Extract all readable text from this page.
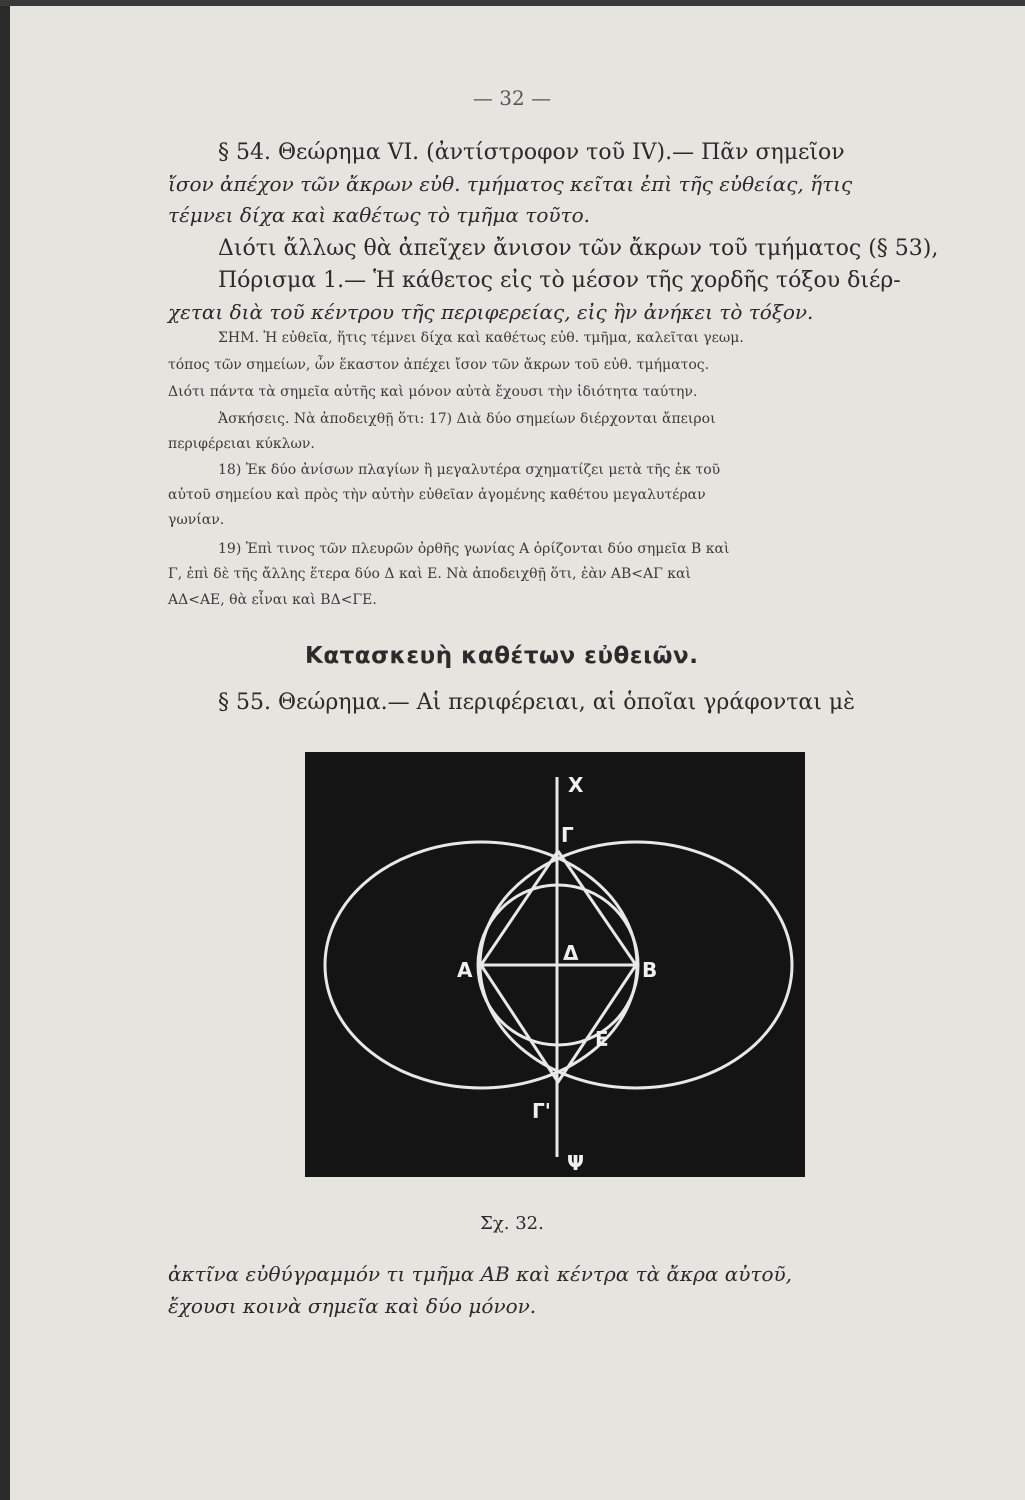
— 32 —
§ 54. Θεώρημα VI. (ἀντίστροφον τοῦ IV).— Πᾶν σημεῖον
ἴσον ἀπέχον τῶν ἄκρων εὐθ. τμήματος κεῖται ἐπὶ τῆς εὐθείας, ἥτις
τέμνει δίχα καὶ καθέτως τὸ τμῆμα τοῦτο.
Διότι ἄλλως θὰ ἀπεῖχεν ἄνισον τῶν ἄκρων τοῦ τμήματος (§ 53),
Πόρισμα 1.— Ἡ κάθετος εἰς τὸ μέσον τῆς χορδῆς τόξου διέρ-
χεται διὰ τοῦ κέντρου τῆς περιφερείας, εἰς ἣν ἀνήκει τὸ τόξον.
ΣΗΜ. Ἡ εὐθεῖα, ἥτις τέμνει δίχα καὶ καθέτως εὐθ. τμῆμα, καλεῖται γεωμ.
τόπος τῶν σημείων, ὧν ἕκαστον ἀπέχει ἴσον τῶν ἄκρων τοῦ εὐθ. τμήματος.
Διότι πάντα τὰ σημεῖα αὐτῆς καὶ μόνον αὐτὰ ἔχουσι τὴν ἰδιότητα ταύτην.
Ἀσκήσεις. Νὰ ἀποδειχθῇ ὅτι: 17) Διὰ δύο σημείων διέρχονται ἄπειροι
περιφέρειαι κύκλων.
18) Ἐκ δύο ἀνίσων πλαγίων ἢ μεγαλυτέρα σχηματίζει μετὰ τῆς ἐκ τοῦ
αὐτοῦ σημείου καὶ πρὸς τὴν αὐτὴν εὐθεῖαν ἀγομένης καθέτου μεγαλυτέραν
γωνίαν.
19) Ἐπὶ τινος τῶν πλευρῶν ὀρθῆς γωνίας Α ὁρίζονται δύο σημεῖα Β καὶ
Γ, ἐπὶ δὲ τῆς ἄλλης ἕτερα δύο Δ καὶ Ε. Νὰ ἀποδειχθῇ ὅτι, ἐὰν ΑΒ<ΑΓ καὶ
ΑΔ<ΑΕ, θὰ εἶναι καὶ ΒΔ<ΓΕ.
Κατασκευὴ καθέτων εὐθειῶν.
§ 55. Θεώρημα.— Αἱ περιφέρειαι, αἱ ὁποῖαι γράφονται μὲ
X
Γ
Α
Δ
Β
Ε
Γ'
Ψ
Σχ. 32.
ἀκτῖνα εὐθύγραμμόν τι τμῆμα ΑΒ καὶ κέντρα τὰ ἄκρα αὐτοῦ,
ἔχουσι κοινὰ σημεῖα καὶ δύο μόνον.
